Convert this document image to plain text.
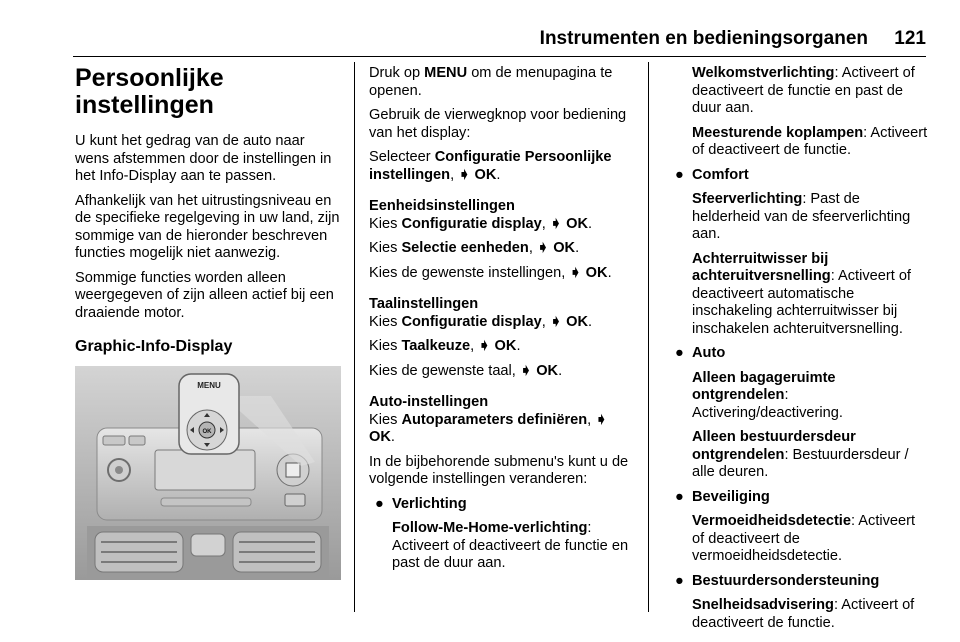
Instrumenten en bedieningsorganen 121
Persoonlijke instellingen

U kunt het gedrag van de auto naar wens afstemmen door de instellingen in het Info-Display aan te passen.

Afhankelijk van het uitrustingsniveau en de specifieke regelgeving in uw land, zijn sommige van de hieronder beschreven functies mogelijk niet aanwezig.

Sommige functies worden alleen weergegeven of zijn alleen actief bij een draaiende motor.

Graphic-Info-Display
MENU
OK

Druk op MENU om de menupagina te openen.

Gebruik de vierwegknop voor bediening van het display:

Selecteer Configuratie Persoonlijke instellingen, ➧ OK.

Eenheidsinstellingen

Kies Configuratie display, ➧ OK.

Kies Selectie eenheden, ➧ OK.

Kies de gewenste instellingen, ➧ OK.

Taalinstellingen

Kies Configuratie display, ➧ OK.

Kies Taalkeuze, ➧ OK.

Kies de gewenste taal, ➧ OK.

Auto-instellingen

Kies Autoparameters definiëren, ➧ OK.

In de bijbehorende submenu's kunt u de volgende instellingen veranderen:

● Verlichting

Follow-Me-Home-verlichting: Activeert of deactiveert de functie en past de duur aan.

Welkomstverlichting: Activeert of deactiveert de functie en past de duur aan.

Meesturende koplampen: Activeert of deactiveert de functie.

● Comfort

Sfeerverlichting: Past de helderheid van de sfeerverlichting aan.

Achterruitwisser bij achteruitversnelling: Activeert of deactiveert automatische inschakeling achterruitwisser bij inschakelen achteruitversnelling.

● Auto

Alleen bagageruimte ontgrendelen: Activering/deactivering.

Alleen bestuurdersdeur ontgrendelen: Bestuurdersdeur / alle deuren.

● Beveiliging

Vermoeidheidsdetectie: Activeert of deactiveert de vermoeidheidsdetectie.

● Bestuurdersondersteuning

Snelheidsadvisering: Activeert of deactiveert de functie.
